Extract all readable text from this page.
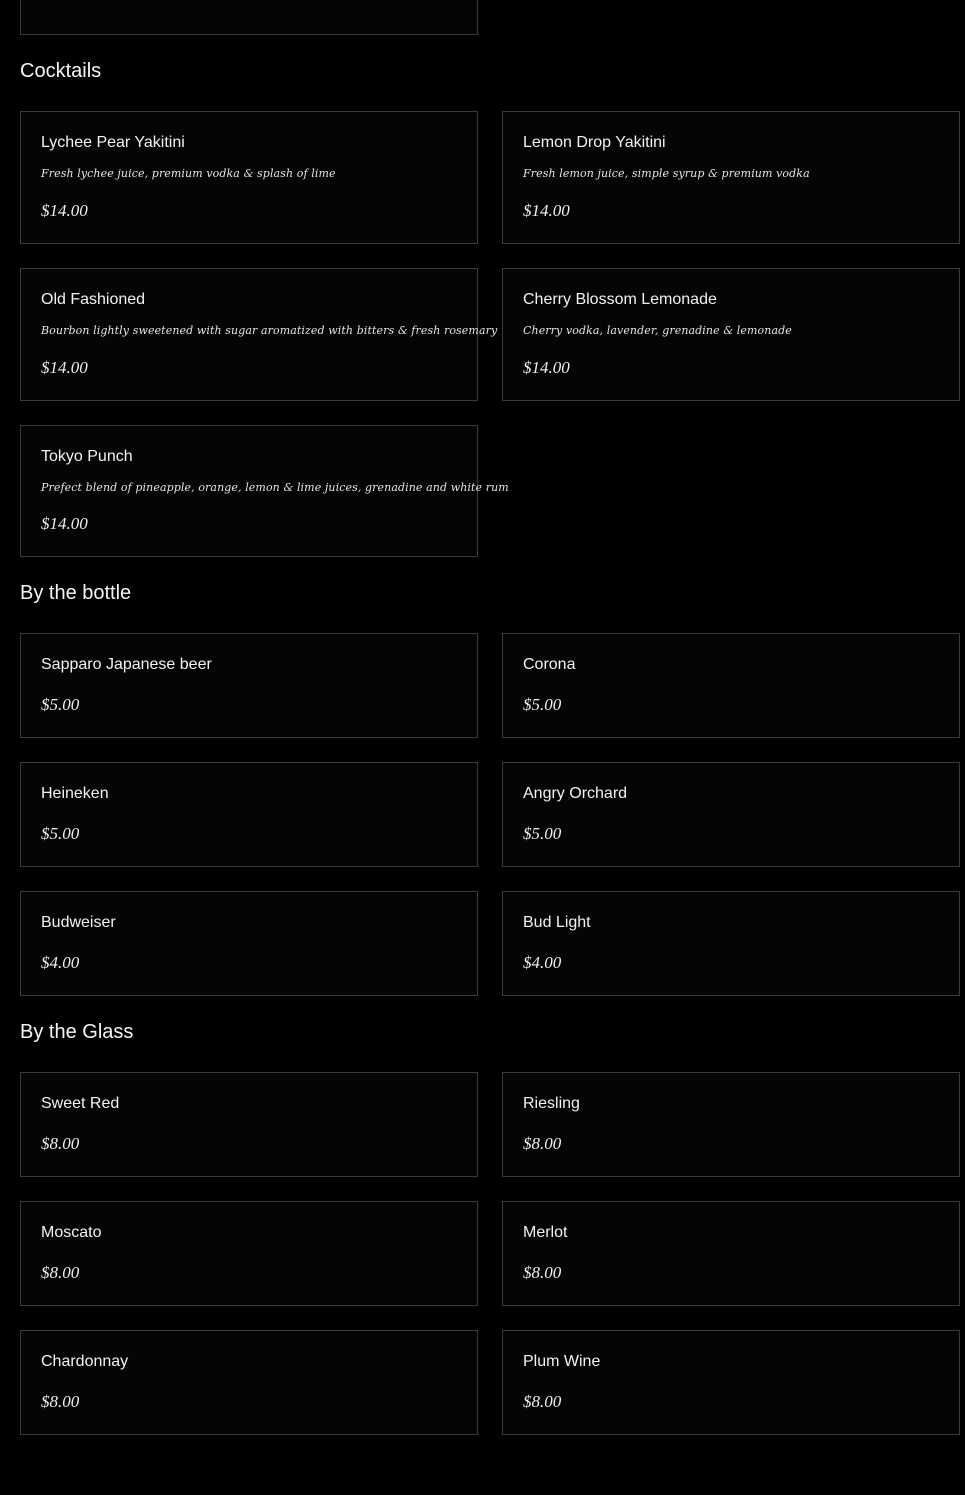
Cocktails
Lychee Pear Yakitini
Fresh lychee juice, premium vodka & splash of lime
$14.00
Lemon Drop Yakitini
Fresh lemon juice, simple syrup & premium vodka
$14.00
Old Fashioned
Bourbon lightly sweetened with sugar aromatized with bitters & fresh rosemary
$14.00
Cherry Blossom Lemonade
Cherry vodka, lavender, grenadine & lemonade
$14.00
Tokyo Punch
Prefect blend of pineapple, orange, lemon & lime juices, grenadine and white rum
$14.00
By the bottle
Sapparo Japanese beer
$5.00
Corona
$5.00
Heineken
$5.00
Angry Orchard
$5.00
Budweiser
$4.00
Bud Light
$4.00
By the Glass
Sweet Red
$8.00
Riesling
$8.00
Moscato
$8.00
Merlot
$8.00
Chardonnay
$8.00
Plum Wine
$8.00
